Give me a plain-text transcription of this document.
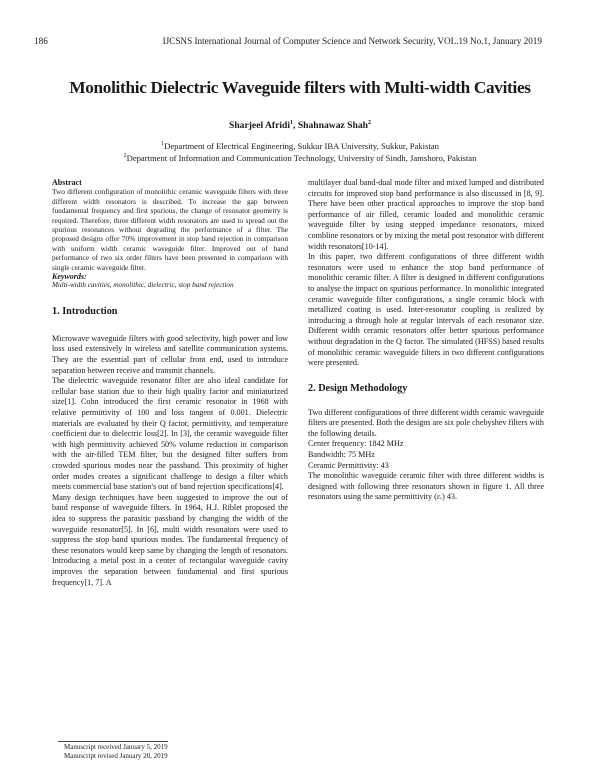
186	IJCSNS International Journal of Computer Science and Network Security, VOL.19 No.1, January 2019
Monolithic Dielectric Waveguide filters with Multi-width Cavities
Sharjeel Afridi$^1$, Shahnawaz Shah$^2$
$^1$Department of Electrical Engineering, Sukkur IBA University, Sukkur, Pakistan
$^2$Department of Information and Communication Technology, University of Sindh, Jamshoro, Pakistan
Abstract

Two different configuration of monolithic ceramic waveguide filters with three different width resonators is described. To increase the gap between fundamental frequency and first spurious, the change of resonator geometry is required. Therefore, three different width resonators are used to spread out the spurious resonances without degrading the performance of a filter. The proposed designs offer 70% improvement in stop band rejection in comparison with uniform width ceramic waveguide filter. Improved out of band performance of two six order filters have been presented in comparison with single ceramic waveguide filter.

Keywords:
Multi-width cavities, monolithic, dielectric, stop band rejection
1. Introduction

Microwave waveguide filters with good selectivity, high power and low loss used extensively in wireless and satellite communication systems. They are the essential part of cellular front end, used to introduce separation between receive and transmit channels.

The dielectric waveguide resonator filter are also ideal candidate for cellular base station due to their high quality factor and miniaturized size[1]. Cohn introduced the first ceramic resonator in 1968 with relative permittivity of 100 and loss tangent of 0.001. Dielectric materials are evaluated by their Q factor, permittivity, and temperature coefficient due to dielectric loss[2]. In [3], the ceramic waveguide filter with high permittivity achieved 50% volume reduction in comparison with the air-filled TEM filter, but the designed filter suffers from crowded spurious modes near the passband. This proximity of higher order modes creates a significant challenge to design a filter which meets commercial base station's out of band rejection specifications[4].

Many design techniques have been suggested to improve the out of band response of waveguide filters. In 1964, H.J. Riblet proposed the idea to suppress the parasitic passband by changing the width of the waveguide resonator[5]. In [6], multi width resonators were used to suppress the stop band spurious modes. The fundamental frequency of these resonators would keep same by changing the length of resonators. Introducing a metal post in a center of rectangular waveguide cavity improves the separation between fundamental and first spurious frequency[1, 7]. A

multilayer dual band-dual mode filter and mixed lumped and distributed circuits for improved stop band performance is also discussed in [8, 9]. There have been other practical approaches to improve the stop band performance of air filled, ceramic loaded and monolithic ceramic waveguide filter by using stepped impedance resonators, mixed combline resonators or by mixing the metal post resonator with different width resonators[10-14].

In this paper, two different configurations of three different width resonators were used to enhance the stop band performance of monolithic ceramic filter. A filter is designed in different configurations to analyse the impact on spurious performance. In monolithic integrated ceramic waveguide filter configurations, a single ceramic block with metallized coating is used. Inter-resonator coupling is realized by introducing a through hole at regular intervals of each resonator size. Different width ceramic resonators offer better spurious performance without degradation in the Q factor. The simulated (HFSS) based results of monolithic ceramic waveguide filters in two different configurations were presented.

2. Design Methodology

Two different configurations of three different width ceramic waveguide filters are presented. Both the designs are six pole chebyshev filters with the following details.

Center frequency: 1842 MHz
Bandwidth: 75 MHz
Ceramic Permittivity: 43

The monolithic waveguide ceramic filter with three different widths is designed with following three resonators shown in figure 1. All three resonators using the same permittivity (εᵣ) 43.

Manuscript received January 5, 2019
Manuscript revised January 20, 2019
